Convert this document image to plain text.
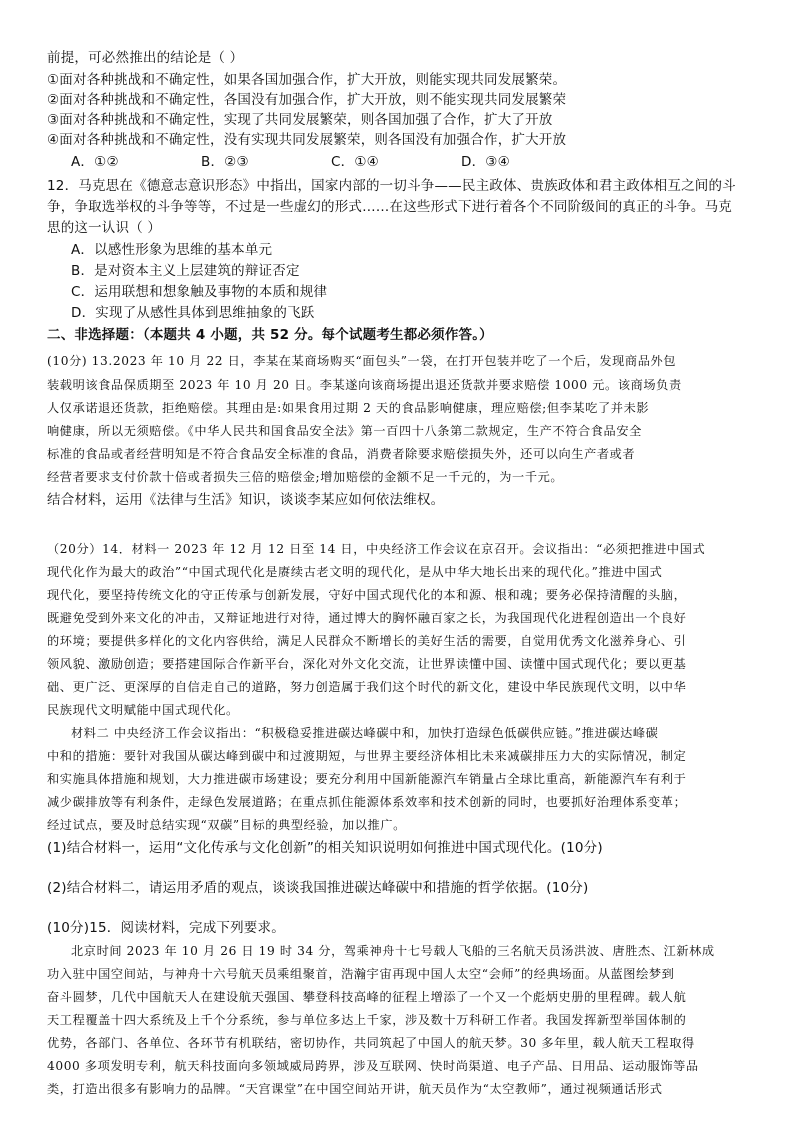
前提，可必然推出的结论是（ ）
①面对各种挑战和不确定性，如果各国加强合作，扩大开放，则能实现共同发展繁荣。
②面对各种挑战和不确定性，各国没有加强合作，扩大开放，则不能实现共同发展繁荣
③面对各种挑战和不确定性，实现了共同发展繁荣，则各国加强了合作，扩大了开放
④面对各种挑战和不确定性，没有实现共同发展繁荣，则各国没有加强合作，扩大开放
A．①②	B．②③	C．①④	D．③④
12．马克思在《德意志意识形态》中指出，国家内部的一切斗争——民主政体、贵族政体和君主政体相互之间的斗
争，争取选举权的斗争等等，不过是一些虚幻的形式……在这些形式下进行着各个不同阶级间的真正的斗争。马克
思的这一认识（ ）
A．以感性形象为思维的基本单元
B．是对资本主义上层建筑的辩证否定
C．运用联想和想象触及事物的本质和规律
D．实现了从感性具体到思维抽象的飞跃
二、非选择题：（本题共 4 小题，共 52 分。每个试题考生都必须作答。）
(10分) 13.2023 年 10 月 22 日，李某在某商场购买“面包头”一袋，在打开包装并吃了一个后，发现商品外包
装载明该食品保质期至 2023 年 10 月 20 日。李某遂向该商场提出退还货款并要求赔偿 1000 元。该商场负责
人仅承诺退还货款，拒绝赔偿。其理由是:如果食用过期 2 天的食品影响健康，理应赔偿;但李某吃了并未影
响健康，所以无须赔偿。《中华人民共和国食品安全法》第一百四十八条第二款规定，生产不符合食品安全
标准的食品或者经营明知是不符合食品安全标准的食品，消费者除要求赔偿损失外，还可以向生产者或者
经营者要求支付价款十倍或者损失三倍的赔偿金;增加赔偿的金额不足一千元的，为一千元。
结合材料，运用《法律与生活》知识，谈谈李某应如何依法维权。
（20分）14．材料一 2023 年 12 月 12 日至 14 日，中央经济工作会议在京召开。会议指出：“必须把推进中国式
现代化作为最大的政治”“中国式现代化是赓续古老文明的现代化，是从中华大地长出来的现代化。”推进中国式
现代化，要坚持传统文化的守正传承与创新发展，守好中国式现代化的本和源、根和魂；要务必保持清醒的头脑，
既避免受到外来文化的冲击，又辩证地进行对待，通过博大的胸怀融百家之长，为我国现代化进程创造出一个良好
的环境；要提供多样化的文化内容供给，满足人民群众不断增长的美好生活的需要，自觉用优秀文化滋养身心、引
领风貌、激励创造；要搭建国际合作新平台，深化对外文化交流，让世界读懂中国、读懂中国式现代化；要以更基
础、更广泛、更深厚的自信走自己的道路，努力创造属于我们这个时代的新文化，建设中华民族现代文明，以中华
民族现代文明赋能中国式现代化。
材料二 中央经济工作会议指出：“积极稳妥推进碳达峰碳中和，加快打造绿色低碳供应链。”推进碳达峰碳
中和的措施：要针对我国从碳达峰到碳中和过渡期短，与世界主要经济体相比未来减碳排压力大的实际情况，制定
和实施具体措施和规划，大力推进碳市场建设；要充分利用中国新能源汽车销量占全球比重高，新能源汽车有利于
减少碳排放等有利条件，走绿色发展道路；在重点抓住能源体系效率和技术创新的同时，也要抓好治理体系变革；
经过试点，要及时总结实现“双碳”目标的典型经验，加以推广。
(1)结合材料一，运用“文化传承与文化创新”的相关知识说明如何推进中国式现代化。(10分)
(2)结合材料二，请运用矛盾的观点，谈谈我国推进碳达峰碳中和措施的哲学依据。(10分)
(10分)15．阅读材料，完成下列要求。
北京时间 2023 年 10 月 26 日 19 时 34 分，驾乘神舟十七号载人飞船的三名航天员汤洪波、唐胜杰、江新林成
功入驻中国空间站，与神舟十六号航天员乘组聚首，浩瀚宇宙再现中国人太空“会师”的经典场面。从蓝图绘梦到
奋斗圆梦，几代中国航天人在建设航天强国、攀登科技高峰的征程上增添了一个又一个彪炳史册的里程碑。载人航
天工程覆盖十四大系统及上千个分系统，参与单位多达上千家，涉及数十万科研工作者。我国发挥新型举国体制的
优势，各部门、各单位、各环节有机联结，密切协作，共同筑起了中国人的航天梦。30 多年里，载人航天工程取得
4000 多项发明专利，航天科技面向多领域威局跨界，涉及互联网、快时尚渠道、电子产品、日用品、运动服饰等品
类，打造出很多有影响力的品牌。“天宫课堂”在中国空间站开讲，航天员作为“太空教师”，通过视频通话形式
